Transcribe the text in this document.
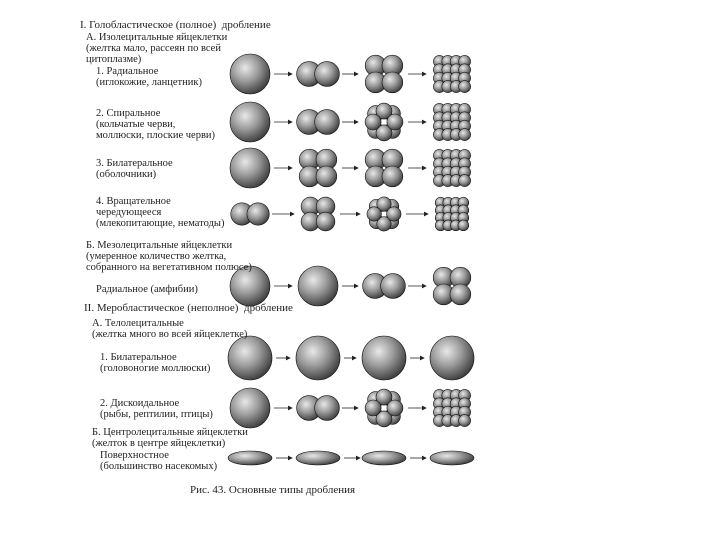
I. Голобластическое (полное)  дробление
А. Изолецитальные яйцеклетки
(желтка мало, рассеян по всей
цитоплазме)
1. Радиальное
(иглокожие, ланцетник)
2. Спиральное
(кольчатые черви,
моллюски, плоские черви)
3. Билатеральное
(оболочники)
4. Вращательное
чередующееся
(млекопитающие, нематоды)
Б. Мезолецитальные яйцеклетки
(умеренное количество желтка,
собранного на вегетативном полюсе)
Радиальное (амфибии)
II. Меробластическое (неполное)  дробление
А. Телолецитальные
(желтка много во всей яйцеклетке)
1. Билатеральное
(головоногие моллюски)
2. Дискоидальное
(рыбы, рептилии, птицы)
Б. Центролецитальные яйцеклетки
(желток в центре яйцеклетки)
Поверхностное
(большинство насекомых)
Рис. 43. Основные типы дробления
